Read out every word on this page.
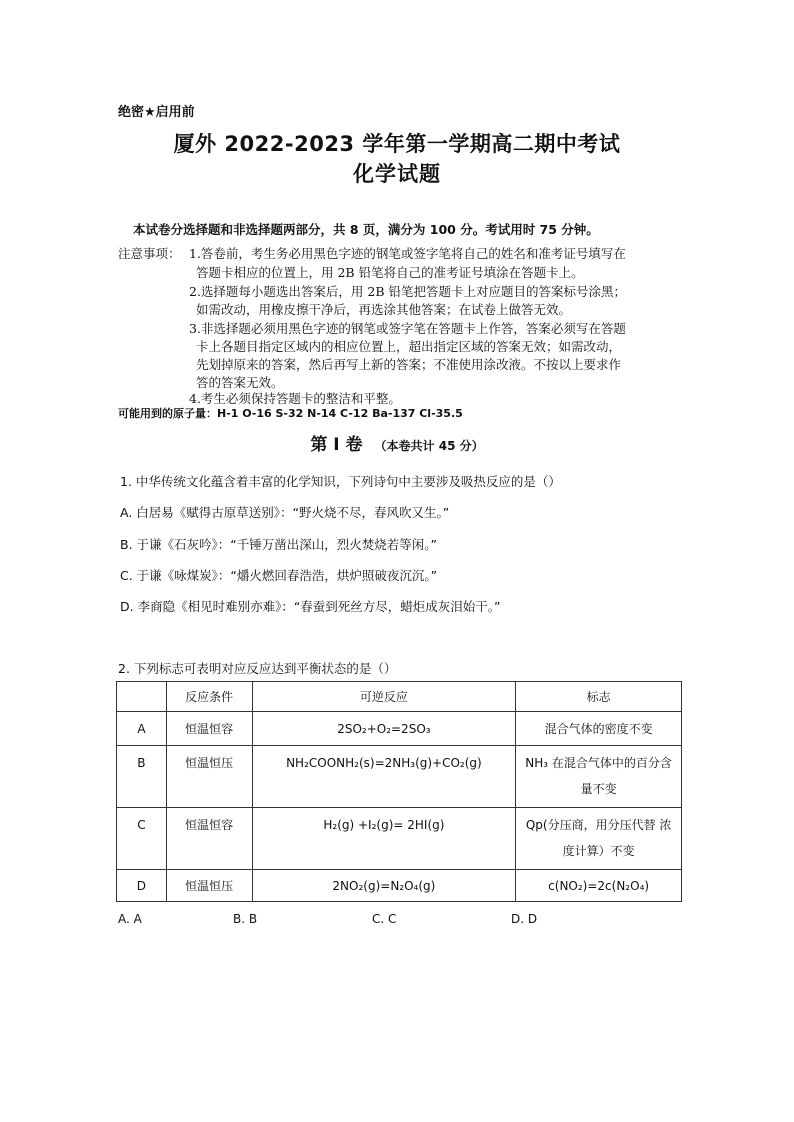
绝密★启用前
厦外 2022-2023 学年第一学期高二期中考试
化学试题
本试卷分选择题和非选择题两部分，共 8 页，满分为 100 分。考试用时 75 分钟。
注意事项： 1.答卷前，考生务必用黑色字迹的钢笔或签字笔将自己的姓名和准考证号填写在
答题卡相应的位置上，用 2B 铅笔将自己的准考证号填涂在答题卡上。
2.选择题每小题选出答案后，用 2B 铅笔把答题卡上对应题目的答案标号涂黑；
如需改动，用橡皮擦干净后，再选涂其他答案；在试卷上做答无效。
3.非选择题必须用黑色字迹的钢笔或签字笔在答题卡上作答，答案必须写在答题
卡上各题目指定区域内的相应位置上，超出指定区域的答案无效；如需改动，
先划掉原来的答案，然后再写上新的答案；不准使用涂改液。不按以上要求作
答的答案无效。
4.考生必须保持答题卡的整洁和平整。
可能用到的原子量：H-1 O-16 S-32 N-14 C-12 Ba-137 Cl-35.5
第 I 卷 （本卷共计 45 分）
1. 中华传统文化蕴含着丰富的化学知识，下列诗句中主要涉及吸热反应的是（）
A. 白居易《赋得古原草送别》：“野火烧不尽，春风吹又生。”
B. 于谦《石灰吟》：“千锤万凿出深山，烈火焚烧若等闲。”
C. 于谦《咏煤炭》：“爝火燃回春浩浩，烘炉照破夜沉沉。”
D. 李商隐《相见时难别亦难》：“春蚕到死丝方尽，蜡炬成灰泪始干。”
2. 下列标志可表明对应反应达到平衡状态的是（）
	反应条件	可逆反应	标志
A	恒温恒容	2SO₂+O₂=2SO₃	混合气体的密度不变
B	恒温恒压	NH₂COONH₂(s)=2NH₃(g)+CO₂(g)	NH₃ 在混合气体中的百分含
量不变

C	恒温恒容	H₂(g) +I₂(g)= 2HI(g)	Qp(分压商，用分压代替 浓
度计算）不变

D	恒温恒压	2NO₂(g)=N₂O₄(g)	c(NO₂)=2c(N₂O₄)
A. A	B. B	C. C	D. D
